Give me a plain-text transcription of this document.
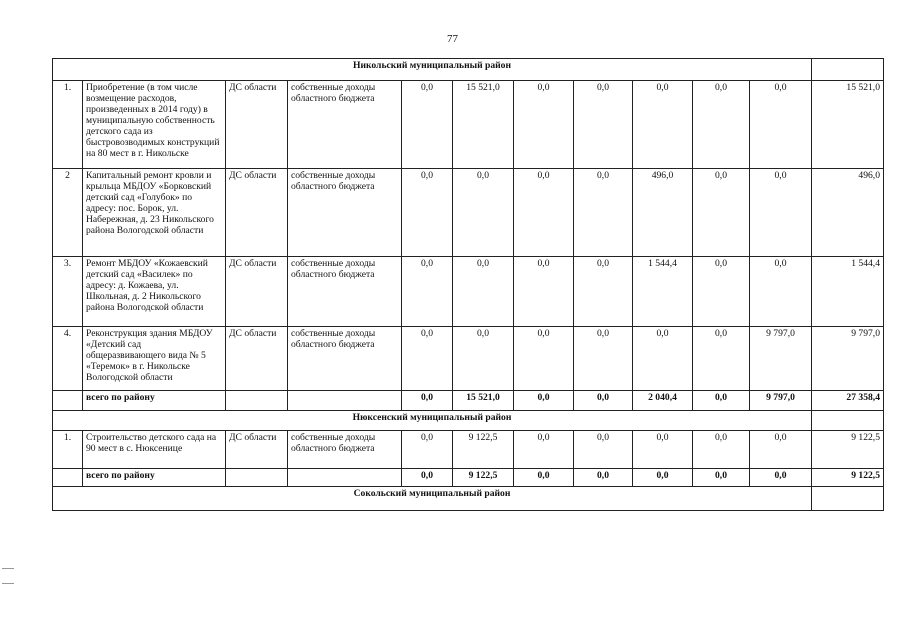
77
Никольский муниципальный район											
1.	Приобретение (в том числе возмещение расходов, произведенных в 2014 году) в муниципальную собственность детского сада из быстровозводимых конструкций на 80 мест в г. Никольске	ДС области	собственные доходы областного бюджета	0,0	15 521,0	0,0	0,0	0,0	0,0	0,0	15 521,0
2	Капитальный ремонт кровли и крыльца МБДОУ «Борковский детский сад «Голубок» по адресу: пос. Борок, ул. Набережная, д. 23 Никольского района Вологодской области	ДС области	собственные доходы областного бюджета	0,0	0,0	0,0	0,0	496,0	0,0	0,0	496,0
3.	Ремонт МБДОУ «Кожаевский детский сад «Василек» по адресу: д. Кожаева, ул. Школьная, д. 2 Никольского района Вологодской области	ДС области	собственные доходы областного бюджета	0,0	0,0	0,0	0,0	1 544,4	0,0	0,0	1 544,4
4.	Реконструкция здания МБДОУ «Детский сад общеразвивающего вида № 5 «Теремок» в г. Никольске Вологодской области	ДС области	собственные доходы областного бюджета	0,0	0,0	0,0	0,0	0,0	0,0	9 797,0	9 797,0
	всего по району			0,0	15 521,0	0,0	0,0	2 040,4	0,0	9 797,0	27 358,4
Нюксенский муниципальный район											
1.	Строительство детского сада на 90 мест в с. Нюксенице	ДС области	собственные доходы областного бюджета	0,0	9 122,5	0,0	0,0	0,0	0,0	0,0	9 122,5
	всего по району			0,0	9 122,5	0,0	0,0	0,0	0,0	0,0	9 122,5
Сокольский муниципальный район											
